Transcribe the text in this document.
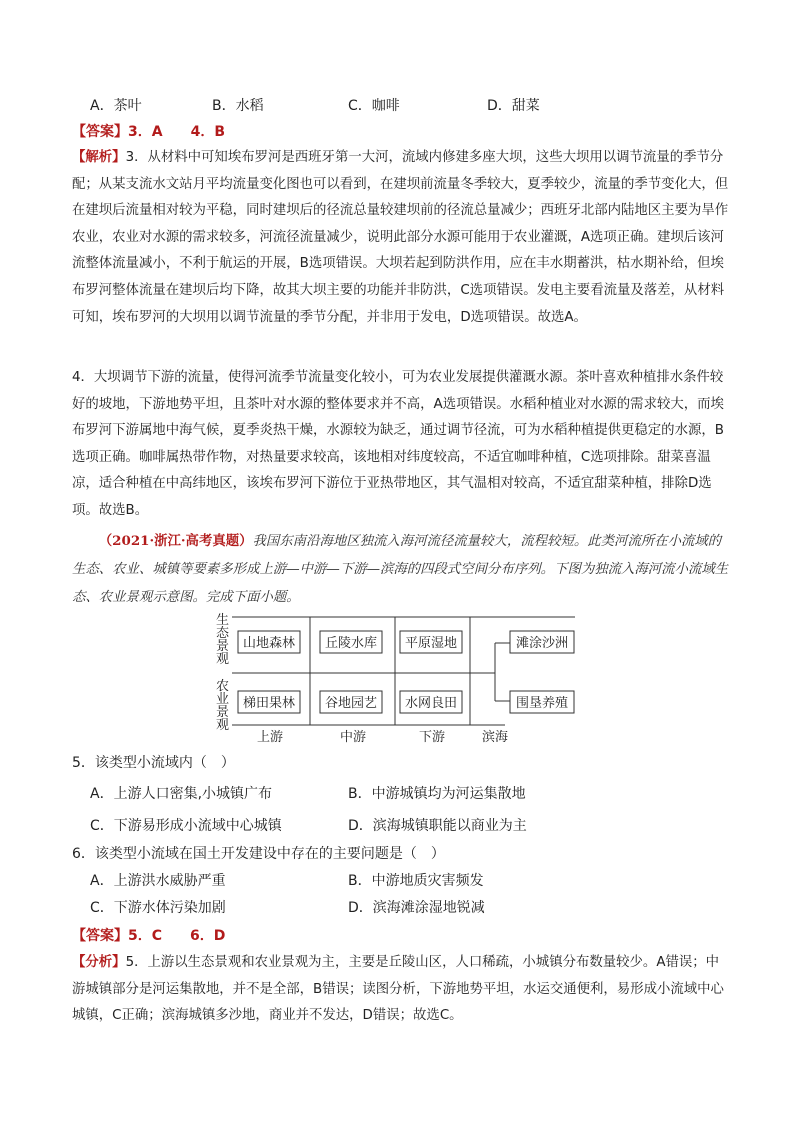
A．茶叶	B．水稻	C．咖啡	D．甜菜
【答案】3．A　　4．B
【解析】3．从材料中可知埃布罗河是西班牙第一大河，流域内修建多座大坝，这些大坝用以调节流量的季节分配；从某支流水文站月平均流量变化图也可以看到，在建坝前流量冬季较大，夏季较少，流量的季节变化大，但在建坝后流量相对较为平稳，同时建坝后的径流总量较建坝前的径流总量减少；西班牙北部内陆地区主要为旱作农业，农业对水源的需求较多，河流径流量减少，说明此部分水源可能用于农业灌溉，A选项正确。建坝后该河流整体流量减小，不利于航运的开展，B选项错误。大坝若起到防洪作用，应在丰水期蓄洪，枯水期补给，但埃布罗河整体流量在建坝后均下降，故其大坝主要的功能并非防洪，C选项错误。发电主要看流量及落差，从材料可知，埃布罗河的大坝用以调节流量的季节分配，并非用于发电，D选项错误。故选A。
4．大坝调节下游的流量，使得河流季节流量变化较小，可为农业发展提供灌溉水源。茶叶喜欢种植排水条件较好的坡地，下游地势平坦，且茶叶对水源的整体要求并不高，A选项错误。水稻种植业对水源的需求较大，而埃布罗河下游属地中海气候，夏季炎热干燥，水源较为缺乏，通过调节径流，可为水稻种植提供更稳定的水源，B选项正确。咖啡属热带作物，对热量要求较高，该地相对纬度较高，不适宜咖啡种植，C选项排除。甜菜喜温凉，适合种植在中高纬地区，该埃布罗河下游位于亚热带地区，其气温相对较高，不适宜甜菜种植，排除D选项。故选B。
（2021·浙江·高考真题）我国东南沿海地区独流入海河流径流量较大，流程较短。此类河流所在小流域的生态、农业、城镇等要素多形成上游—中游—下游—滨海的四段式空间分布序列。下图为独流入海河流小流域生态、农业景观示意图。完成下面小题。
生
态
景
观
农
业
景
观
山地森林 丘陵水库 平原湿地	滩涂沙洲
梯田果林 谷地园艺 水网良田	围垦养殖
上游	中游	下游	滨海
5．该类型小流域内（　）
A．上游人口密集,小城镇广布	B．中游城镇均为河运集散地
C．下游易形成小流域中心城镇	D．滨海城镇职能以商业为主
6．该类型小流域在国土开发建设中存在的主要问题是（　）
A．上游洪水威胁严重	B．中游地质灾害频发
C．下游水体污染加剧	D．滨海滩涂湿地锐减
【答案】5．C　　6．D
【分析】5．上游以生态景观和农业景观为主，主要是丘陵山区，人口稀疏，小城镇分布数量较少。A错误；中游城镇部分是河运集散地，并不是全部，B错误；读图分析，下游地势平坦，水运交通便利，易形成小流域中心城镇，C正确；滨海城镇多沙地，商业并不发达，D错误；故选C。
